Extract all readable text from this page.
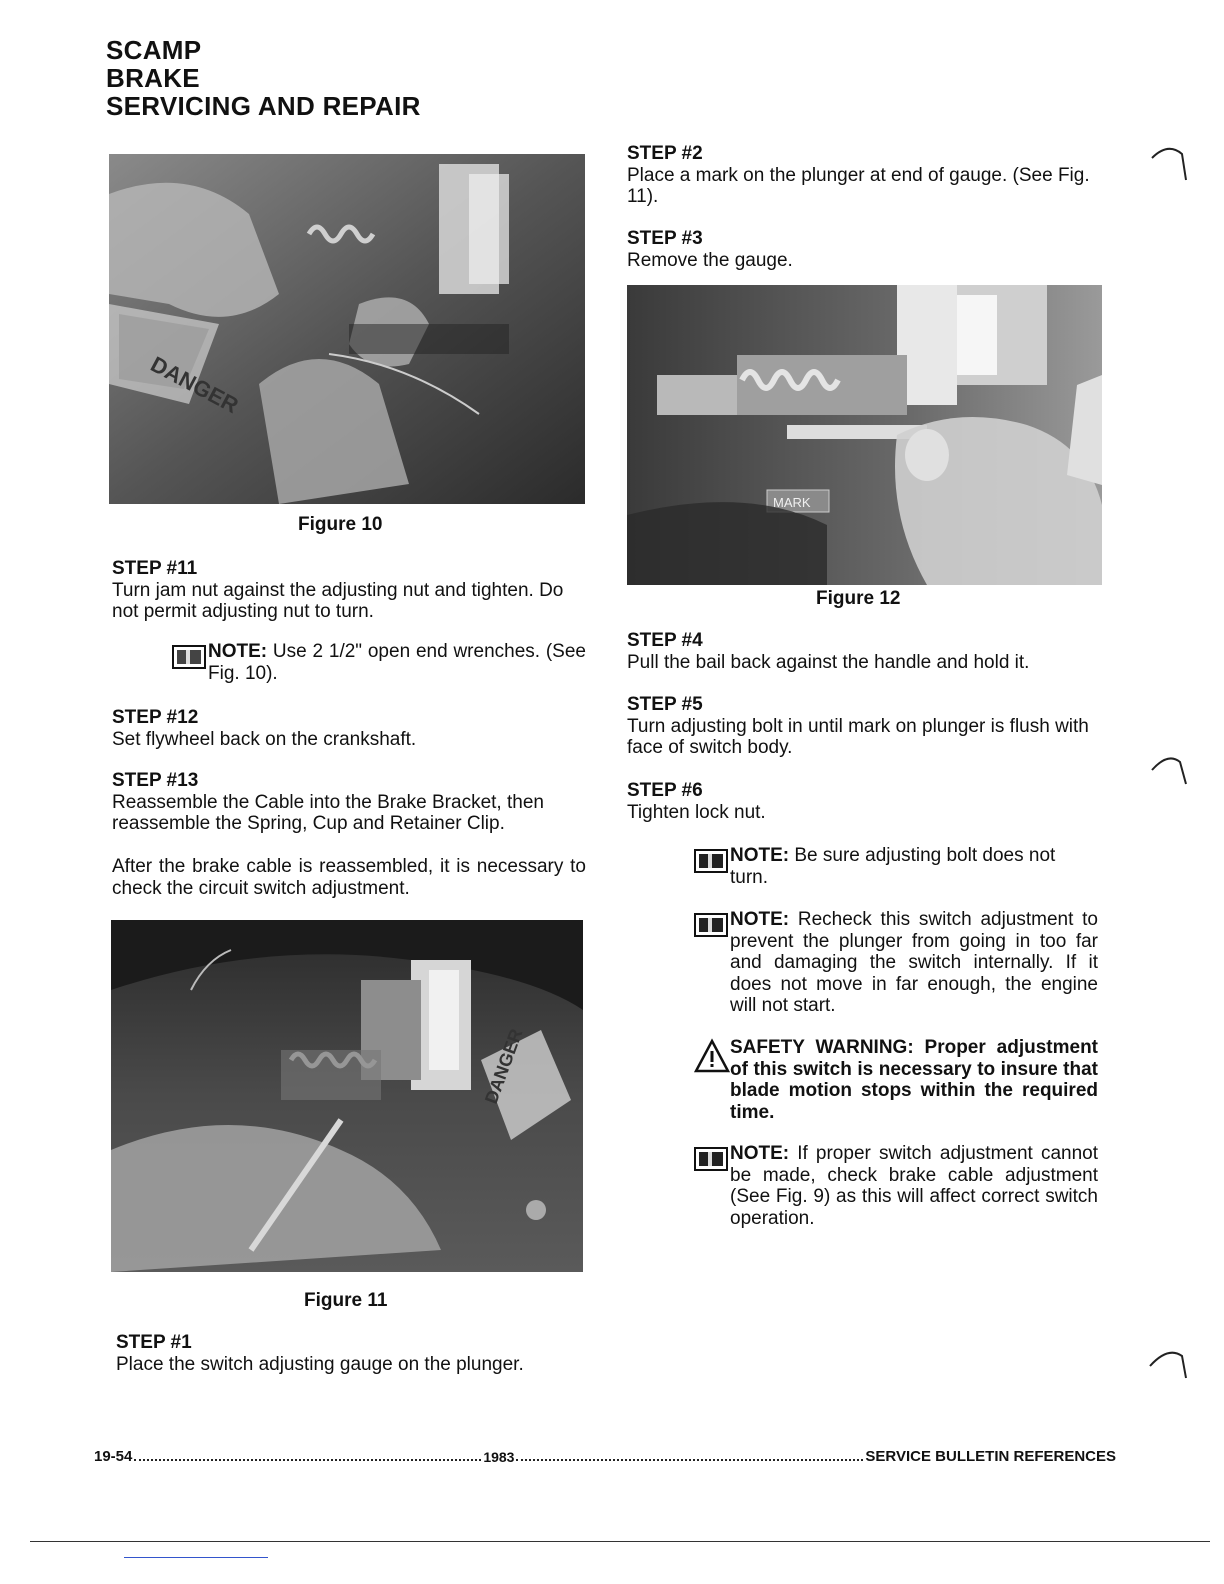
SCAMP
BRAKE
SERVICING AND REPAIR
DANGER
Figure 10
STEP #11
Turn jam nut against the adjusting nut and tighten. Do not permit adjusting nut to turn.
NOTE: Use 2 1/2" open end wrenches. (See Fig. 10).
STEP #12
Set flywheel back on the crankshaft.
STEP #13
Reassemble the Cable into the Brake Bracket, then reassemble the Spring, Cup and Retainer Clip.
After the brake cable is reassembled, it is necessary to check the circuit switch adjustment.
DANGER
Figure 11
STEP #1
Place the switch adjusting gauge on the plunger.
STEP #2
Place a mark on the plunger at end of gauge. (See Fig. 11).
STEP #3
Remove the gauge.
MARK
Figure 12
STEP #4
Pull the bail back against the handle and hold it.
STEP #5
Turn adjusting bolt in until mark on plunger is flush with face of switch body.
STEP #6
Tighten lock nut.
NOTE: Be sure adjusting bolt does not turn.
NOTE: Recheck this switch adjustment to prevent the plunger from going in too far and damaging the switch internally. If it does not move in far enough, the engine will not start.
SAFETY WARNING: Proper adjustment of this switch is necessary to insure that blade motion stops within the required time.
NOTE: If proper switch adjustment cannot be made, check brake cable adjustment (See Fig. 9) as this will affect correct switch operation.
19-54	1983	SERVICE BULLETIN REFERENCES
